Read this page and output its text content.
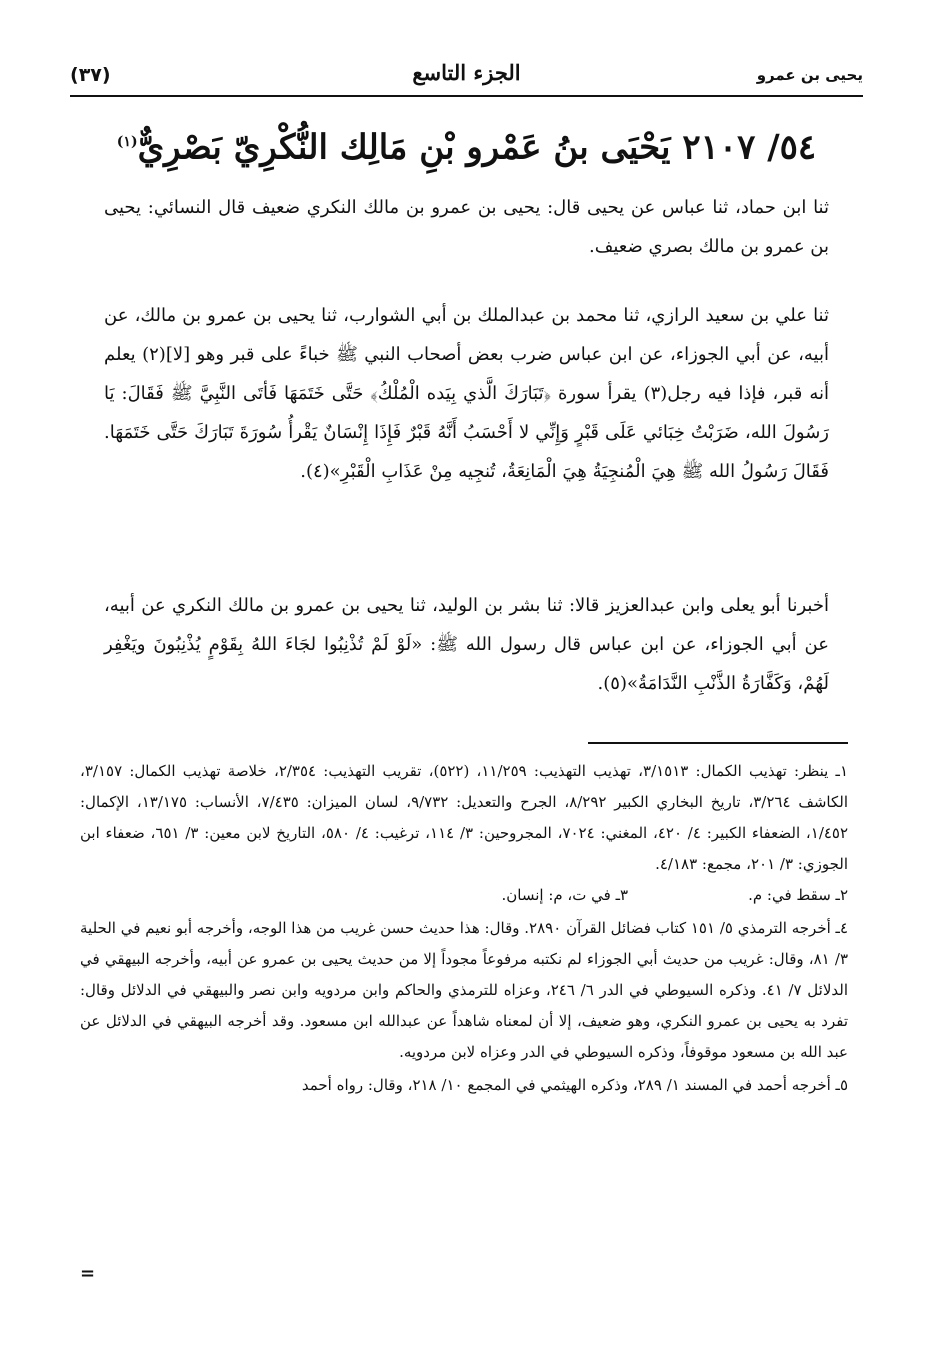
يحيى بن عمرو
الجزء التاسع
(٣٧)
٥٤/ ٢١٠٧ يَحْيَى بنُ عَمْرو بْنِ مَالِك النُّكْرِيّ بَصْرِيٌّ$^{(١)}$

ثنا ابن حماد، ثنا عباس عن يحيى قال: يحيى بن عمرو بن مالك النكري ضعيف قال النسائي: يحيى بن عمرو بن مالك بصري ضعيف.

ثنا علي بن سعيد الرازي، ثنا محمد بن عبدالملك بن أبي الشوارب، ثنا يحيى بن عمرو بن مالك، عن أبيه، عن أبي الجوزاء، عن ابن عباس ضرب بعض أصحاب النبي ﷺ خباءً على قبر وهو [لا](٢) يعلم أنه قبر، فإذا فيه رجل(٣) يقرأ سورة ﴿تَبَارَكَ الَّذي بِيَده الْمُلْكُ﴾ حَتَّى خَتَمَهَا فَأتَى النَّبِيَّ ﷺ فَقَالَ: يَا رَسُولَ الله، ضَرَبْتُ خِبَائي عَلَى قَبْرٍ وَإِنِّي لا أَحْسَبُ أَنَّهُ قَبْرٌ فَإِذَا إِنْسَانٌ يَقْرأُ سُورَةَ تَبَارَكَ حَتَّى خَتَمَهَا. فَقَالَ رَسُولُ الله ﷺ هِيَ الْمُنجِيَةُ هِيَ الْمَانِعَةُ، تُنجِيه مِنْ عَذَابِ الْقَبْرِ»(٤).

أخبرنا أبو يعلى وابن عبدالعزيز قالا: ثنا بشر بن الوليد، ثنا يحيى بن عمرو بن مالك النكري عن أبيه، عن أبي الجوزاء، عن ابن عباس قال رسول الله ﷺ: «لَوْ لَمْ تُذْنِبُوا لجَاءَ اللهُ بِقَوْمٍ يُذْنِبُونَ ويَغْفِر لَهُمْ، وَكَفَّارَةُ الذَّنْبِ النَّدَامَةُ»(٥).

١ـ ينظر: تهذيب الكمال: ٣/١٥١٣، تهذيب التهذيب: ١١/٢٥٩، (٥٢٢)، تقريب التهذيب: ٢/٣٥٤، خلاصة تهذيب الكمال: ٣/١٥٧، الكاشف ٣/٢٦٤، تاريخ البخاري الكبير ٨/٢٩٢، الجرح والتعديل: ٩/٧٣٢، لسان الميزان: ٧/٤٣٥، الأنساب: ١٣/١٧٥، الإكمال: ١/٤٥٢، الضعفاء الكبير: ٤/ ٤٢٠، المغني: ٧٠٢٤، المجروحين: ٣/ ١١٤، ترغيب: ٤/ ٥٨٠، التاريخ لابن معين: ٣/ ٦٥١، ضعفاء ابن الجوزي: ٣/ ٢٠١، مجمع: ٤/١٨٣.

٢ـ سقط في: م.
٣ـ في ت، م: إنسان.

٤ـ أخرجه الترمذي ٥/ ١٥١ كتاب فضائل القرآن ٢٨٩٠. وقال: هذا حديث حسن غريب من هذا الوجه، وأخرجه أبو نعيم في الحلية ٣/ ٨١، وقال: غريب من حديث أبي الجوزاء لم نكتبه مرفوعاً مجوداً إلا من حديث يحيى بن عمرو عن أبيه، وأخرجه البيهقي في الدلائل ٧/ ٤١. وذكره السيوطي في الدر ٦/ ٢٤٦، وعزاه للترمذي والحاكم وابن مردويه وابن نصر والبيهقي في الدلائل وقال: تفرد به يحيى بن عمرو النكري، وهو ضعيف، إلا أن لمعناه شاهداً عن عبدالله ابن مسعود. وقد أخرجه البيهقي في الدلائل عن عبد الله بن مسعود موقوفاً، وذكره السيوطي في الدر وعزاه لابن مردويه.

٥ـ أخرجه أحمد في المسند ١/ ٢٨٩، وذكره الهيثمي في المجمع ١٠/ ٢١٨، وقال: رواه أحمد

=
